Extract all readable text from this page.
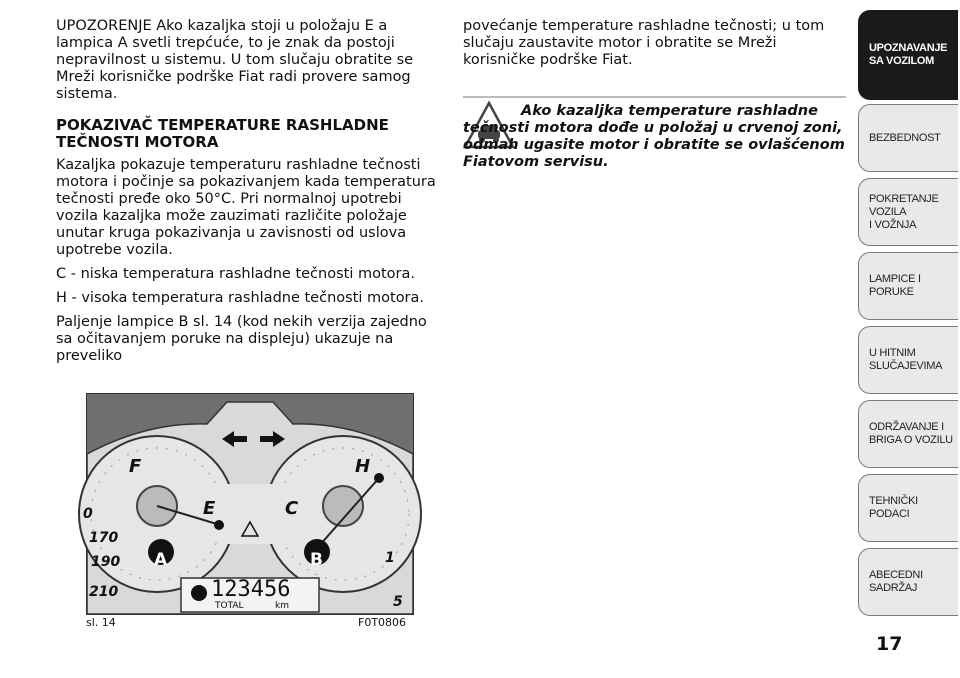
UPOZORENJE Ako kazaljka stoji u položaju E a lampica A svetli trepćuće, to je znak da postoji nepravilnost u sistemu. U tom slučaju obratite se Mreži korisničke podrške Fiat radi provere samog sistema.

POKAZIVAČ TEMPERATURE RASHLADNE TEČNOSTI MOTORA

Kazaljka pokazuje temperaturu rashladne tečnosti motora i počinje sa pokazivanjem kada temperatura tečnosti pređe oko 50°C. Pri normalnoj upotrebi vozila kazaljka može zauzimati različite položaje unutar kruga pokazivanja u zavisnosti od uslova upotrebe vozila.

C - niska temperatura rashladne tečnosti motora.

H - visoka temperatura rashladne tečnosti motora.

Paljenje lampice B sl. 14 (kod nekih verzija zajedno sa očitavanjem poruke na displeju) ukazuje na preveliko

povećanje temperature rashladne tečnosti; u tom slučaju zaustavite motor i obratite se Mreži korisničke podrške Fiat.

Ako kazaljka temperature rashladne tečnosti motora dođe u položaj u crvenoj zoni, odmah ugasite motor i obratite se ovlašćenom Fiatovom servisu.
F
E
H
C
0
170
190
210
1
5
A	B
123456
TOTAL	km
sl. 14	F0T0806
UPOZNAVANJE
SA VOZILOM
BEZBEDNOST
POKRETANJE VOZILA
I VOŽNJA
LAMPICE I PORUKE
U HITNIM
SLUČAJEVIMA
ODRŽAVANJE I
BRIGA O VOZILU
TEHNIČKI PODACI
ABECEDNI SADRŽAJ
17
